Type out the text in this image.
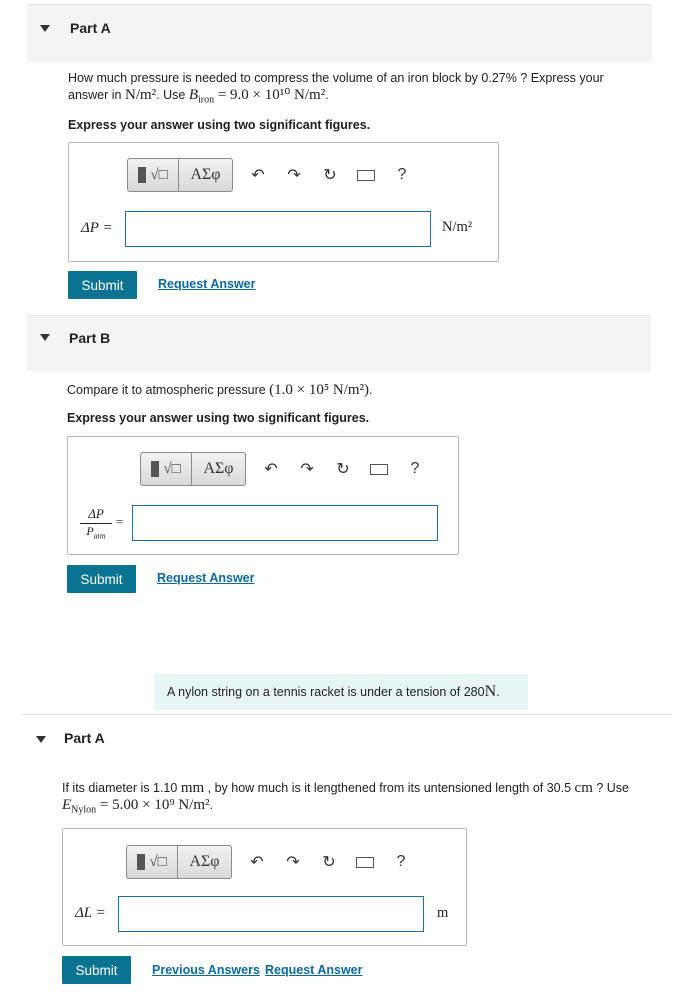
Part A
How much pressure is needed to compress the volume of an iron block by 0.27% ? Express your
answer in N/m². Use $B_{iron} = 9.0 \times 10^{10}$ N/m².
Express your answer using two significant figures.
√□	ΑΣφ	↶	↷	↻	?
ΔP =	N/m²
Submit	Request Answer
Part B
Compare it to atmospheric pressure (1.0 × 10⁵ N/m²).
Express your answer using two significant figures.
√□	ΑΣφ	↶	↷	↻	?
ΔP
$P_{atm}$
=
Submit	Request Answer
A nylon string on a tennis racket is under a tension of 280 N .
Part A
If its diameter is 1.10 mm , by how much is it lengthened from its untensioned length of 30.5 cm ? Use
$E_{Nylon} = 5.00 \times 10^9$ N/m².
√□	ΑΣφ	↶	↷	↻	?
ΔL =	m
Submit	Previous Answers Request Answer
